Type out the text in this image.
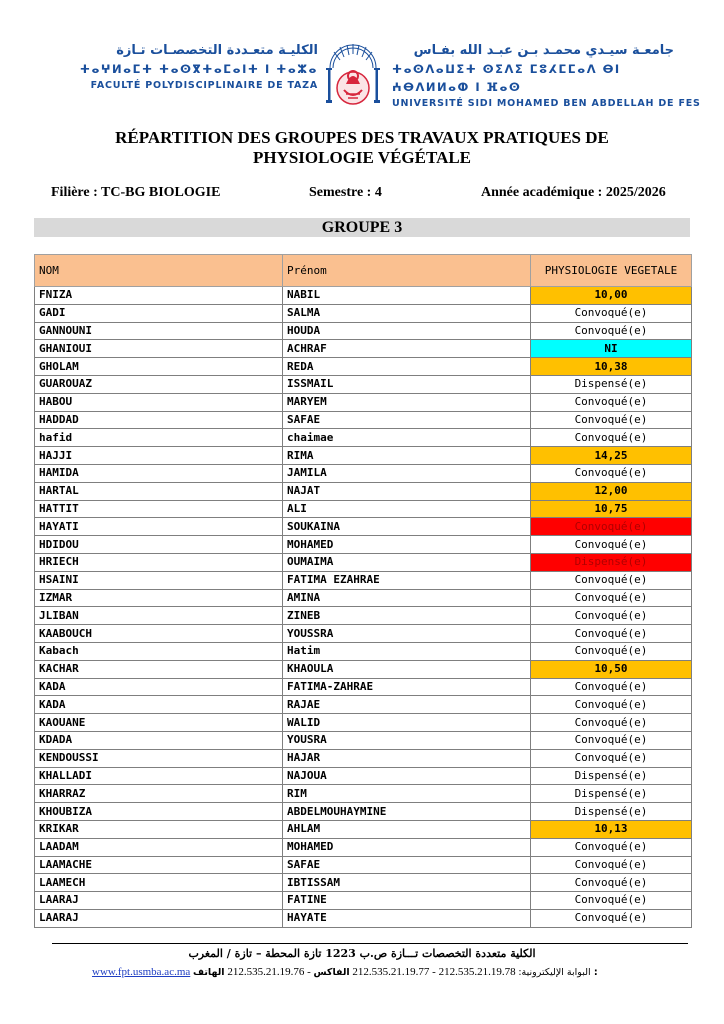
الكليـة متعـددة التخصصـات تـازة
ⵜⴰⵖⵍⴰⵎⵜ ⵜⴰⵙⴳⵜⴰⵎⴰⵏⵜ ⵏ ⵜⴰⵣⴰ
FACULTÉ POLYDISCIPLINAIRE DE TAZA
جامعـة سيـدي محمـد بـن عبـد الله بفـاس
ⵜⴰⵙⴷⴰⵡⵉⵜ ⵙⵉⴷⵉ ⵎⵓⵃⵎⵎⴰⴷ ⴱⵏ ⵄⴱⴷⵍⵍⴰⵀ ⵏ ⴼⴰⵙ
UNIVERSITÉ SIDI MOHAMED BEN ABDELLAH DE FES
RÉPARTITION DES GROUPES DES TRAVAUX PRATIQUES DE
PHYSIOLOGIE VÉGÉTALE
Filière : TC-BG BIOLOGIE	Semestre : 4	Année académique : 2025/2026
GROUPE 3
NOM	Prénom	PHYSIOLOGIE VEGETALE
FNIZA	NABIL	10,00
GADI	SALMA	Convoqué(e)
GANNOUNI	HOUDA	Convoqué(e)
GHANIOUI	ACHRAF	NI
GHOLAM	REDA	10,38
GUAROUAZ	ISSMAIL	Dispensé(e)
HABOU	MARYEM	Convoqué(e)
HADDAD	SAFAE	Convoqué(e)
hafid	chaimae	Convoqué(e)
HAJJI	RIMA	14,25
HAMIDA	JAMILA	Convoqué(e)
HARTAL	NAJAT	12,00
HATTIT	ALI	10,75
HAYATI	SOUKAINA	Convoqué(e)
HDIDOU	MOHAMED	Convoqué(e)
HRIECH	OUMAIMA	Dispensé(e)
HSAINI	FATIMA EZAHRAE	Convoqué(e)
IZMAR	AMINA	Convoqué(e)
JLIBAN	ZINEB	Convoqué(e)
KAABOUCH	YOUSSRA	Convoqué(e)
Kabach	Hatim	Convoqué(e)
KACHAR	KHAOULA	10,50
KADA	FATIMA-ZAHRAE	Convoqué(e)
KADA	RAJAE	Convoqué(e)
KAOUANE	WALID	Convoqué(e)
KDADA	YOUSRA	Convoqué(e)
KENDOUSSI	HAJAR	Convoqué(e)
KHALLADI	NAJOUA	Dispensé(e)
KHARRAZ	RIM	Dispensé(e)
KHOUBIZA	ABDELMOUHAYMINE	Dispensé(e)
KRIKAR	AHLAM	10,13
LAADAM	MOHAMED	Convoqué(e)
LAAMACHE	SAFAE	Convoqué(e)
LAAMECH	IBTISSAM	Convoqué(e)
LAARAJ	FATINE	Convoqué(e)
LAARAJ	HAYATE	Convoqué(e)
الكلية متعددة التخصصات تـــازة ص.ب 1223 تازة المحطة – تازة / المغرب
www.fpt.usmba.ac.ma	البوابة الإليكترونية: 212.535.21.19.78 - 212.535.21.19.77 الفاكس - 212.535.21.19.76 الهاتف :
